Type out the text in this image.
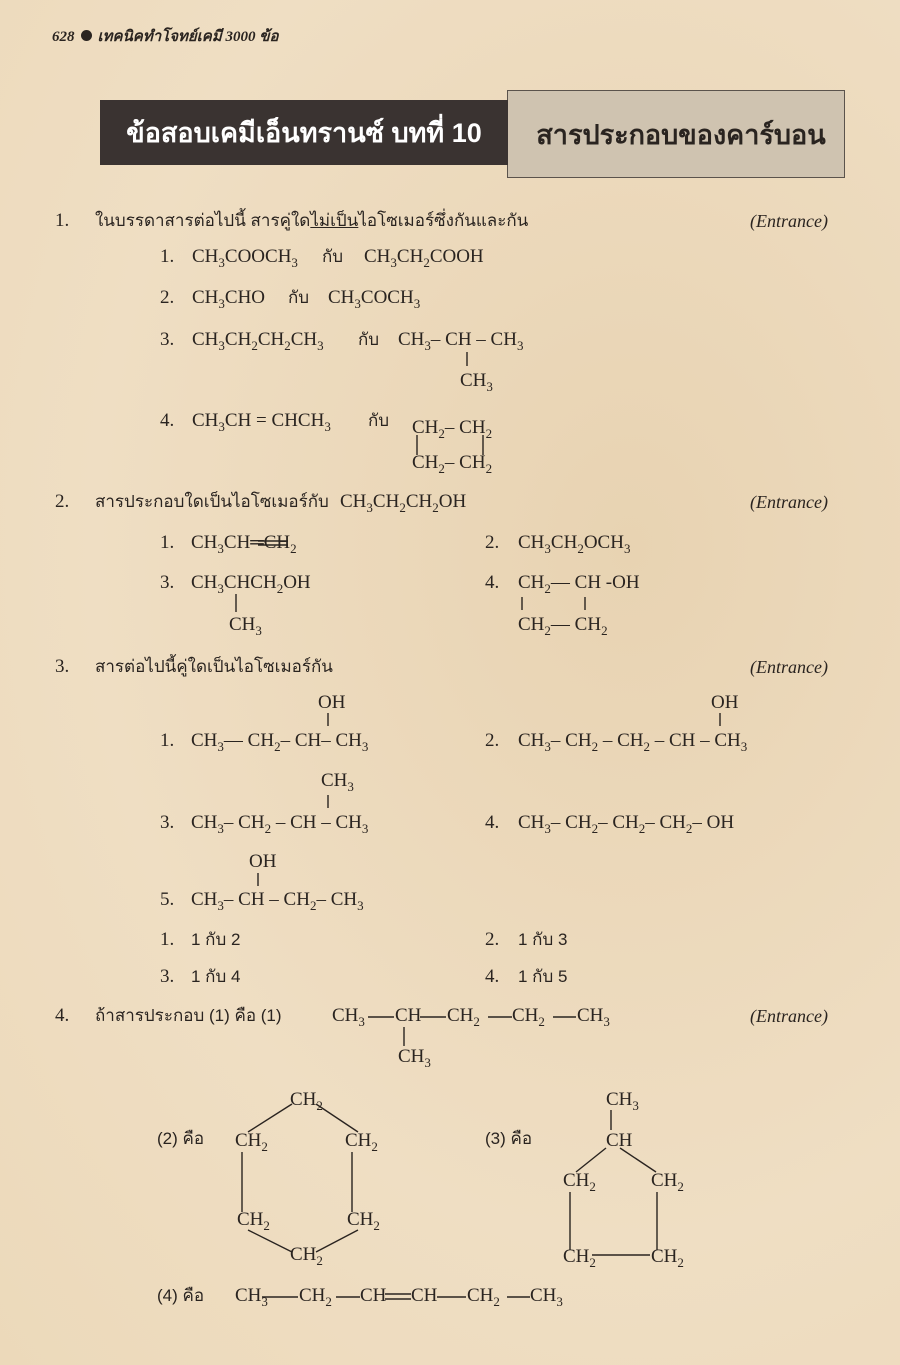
628 เทคนิคทำโจทย์เคมี 3000 ข้อ
สารประกอบของคาร์บอน
ข้อสอบเคมีเอ็นทรานซ์ บทที่ 10
1. ในบรรดาสารต่อไปนี้ สารคู่ใดไม่เป็นไอโซเมอร์ซึ่งกันและกัน	(Entrance)
1. $CH_3COOCH_3$ กับ $CH_3CH_2COOH$
2. $CH_3CHO$ กับ $CH_3COCH_3$
3. $CH_3CH_2CH_2CH_3$ กับ $CH_3-$ CH – $CH_3$
$CH_3$
4. $CH_3CH$ = $CHCH_3$ กับ $CH_2-$ $CH_2$
$CH_2-$ $CH_2$
2. สารประกอบใดเป็นไอโซเมอร์กับ $CH_3CH_2CH_2OH$	(Entrance)
1. $CH_3CH═CH_2$	2. $CH_3CH_2OCH_3$
3. $CH_3CHCH_2OH$
$CH_3$
4. $CH_2—$ CH -OH
$CH_2—$ $CH_2$
3. สารต่อไปนี้คู่ใดเป็นไอโซเมอร์กัน	(Entrance)
OH
1. $CH_3—$ $CH_2-$ CH– $CH_3$
OH
2. $CH_3-$ $CH_2 - CH_2$ – CH – $CH_3$
$CH_3$
3. $CH_3-$ $CH_2$ – CH – $CH_3$	4. $CH_3-$ $CH_2-$ $CH_2-$ $CH_2-$ OH
OH
5. $CH_3-$ CH – $CH_2-$ $CH_3$
1. 1 กับ 2	2. 1 กับ 3
3. 1 กับ 4	4. 1 กับ 5
4. ถ้าสารประกอบ (1) คือ (1)	(Entrance)
$CH_3$ CH $CH_2$ $CH_2$ $CH_3$
$CH_3$
(2) คือ
$CH_2$
$CH_2$	$CH_2$
$CH_2$	$CH_2$
$CH_2$
(3) คือ
$CH_3$
CH
$CH_2$	$CH_2$
$CH_2$	$CH_2$
(4) คือ $CH_3$ $CH_2$ CH CH $CH_2$ $CH_3$
